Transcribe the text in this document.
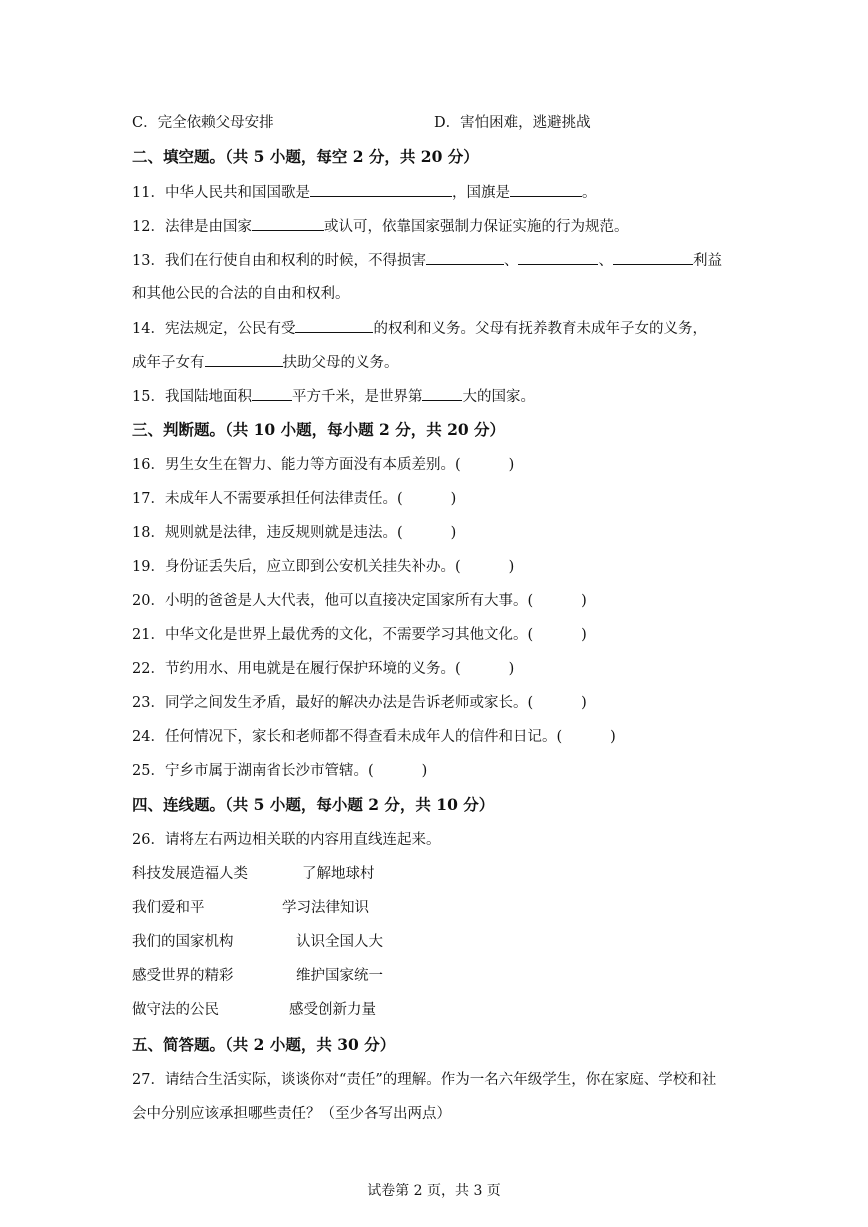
C．完全依赖父母安排	D．害怕困难，逃避挑战
二、填空题。（共 5 小题，每空 2 分，共 20 分）
11．中华人民共和国国歌是	，国旗是	。
12．法律是由国家	或认可，依靠国家强制力保证实施的行为规范。
13．我们在行使自由和权利的时候，不得损害	、	、	利益
和其他公民的合法的自由和权利。
14．宪法规定，公民有受	的权利和义务。父母有抚养教育未成年子女的义务，
成年子女有	扶助父母的义务。
15．我国陆地面积	平方千米，是世界第	大的国家。
三、判断题。（共 10 小题，每小题 2 分，共 20 分）
16．男生女生在智力、能力等方面没有本质差别。(	)
17．未成年人不需要承担任何法律责任。(	)
18．规则就是法律，违反规则就是违法。(	)
19．身份证丢失后，应立即到公安机关挂失补办。(	)
20．小明的爸爸是人大代表，他可以直接决定国家所有大事。(	)
21．中华文化是世界上最优秀的文化，不需要学习其他文化。(	)
22．节约用水、用电就是在履行保护环境的义务。(	)
23．同学之间发生矛盾，最好的解决办法是告诉老师或家长。(	)
24．任何情况下，家长和老师都不得查看未成年人的信件和日记。(	)
25．宁乡市属于湖南省长沙市管辖。(	)
四、连线题。（共 5 小题，每小题 2 分，共 10 分）
26．请将左右两边相关联的内容用直线连起来。
科技发展造福人类	了解地球村
我们爱和平	学习法律知识
我们的国家机构	认识全国人大
感受世界的精彩	维护国家统一
做守法的公民	感受创新力量
五、简答题。（共 2 小题，共 30 分）
27．请结合生活实际，谈谈你对“责任”的理解。作为一名六年级学生，你在家庭、学校和社
会中分别应该承担哪些责任？（至少各写出两点）
试卷第 2 页，共 3 页
